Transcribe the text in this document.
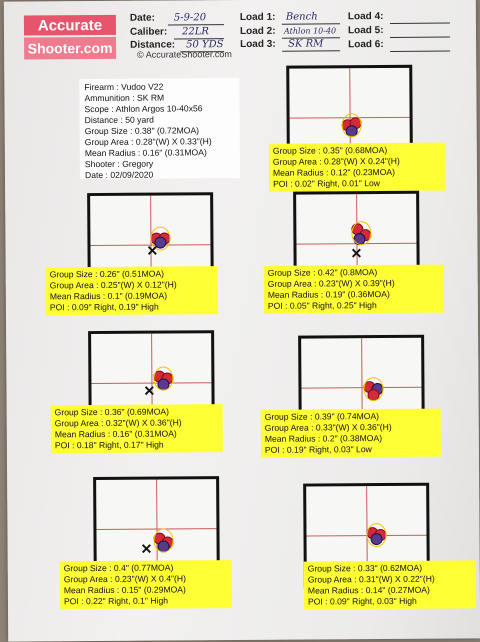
Accurate
Shooter.com
Date: 5-9-20
Caliber: 22LR
Distance: 50 YDS
© AccurateShooter.com
Load 1: Bench
Load 2: Athlon 10-40
Load 3: SK RM
Load 4:
Load 5:
Load 6:
Firearm : Vudoo V22
Ammunition : SK RM
Scope : Athlon Argos 10-40x56
Distance : 50 yard
Group Size : 0.38" (0.72MOA)
Group Area : 0.28"(W) X 0.33"(H)
Mean Radius : 0.16" (0.31MOA)
Shooter : Gregory
Date : 02/09/2020
Group Size : 0.35" (0.68MOA)
Group Area : 0.28"(W) X 0.24"(H)
Mean Radius : 0.12" (0.23MOA)
POI : 0.02" Right, 0.01" Low
✕
Group Size : 0.26" (0.51MOA)
Group Area : 0.25"(W) X 0.12"(H)
Mean Radius : 0.1" (0.19MOA)
POI : 0.09" Right, 0.19" High
✕
Group Size : 0.42" (0.8MOA)
Group Area : 0.23"(W) X 0.39"(H)
Mean Radius : 0.19" (0.36MOA)
POI : 0.05" Right, 0.25" High
✕
Group Size : 0.36" (0.69MOA)
Group Area : 0.32"(W) X 0.36"(H)
Mean Radius : 0.16" (0.31MOA)
POI : 0.18" Right, 0.17" High
Group Size : 0.39" (0.74MOA)
Group Area : 0.33"(W) X 0.36"(H)
Mean Radius : 0.2" (0.38MOA)
POI : 0.19" Right, 0.03" Low
✕
Group Size : 0.4" (0.77MOA)
Group Area : 0.23"(W) X 0.4"(H)
Mean Radius : 0.15" (0.29MOA)
POI : 0.22" Right, 0.1" High
Group Size : 0.33" (0.62MOA)
Group Area : 0.31"(W) X 0.22"(H)
Mean Radius : 0.14" (0.27MOA)
POI : 0.09" Right, 0.03" High
